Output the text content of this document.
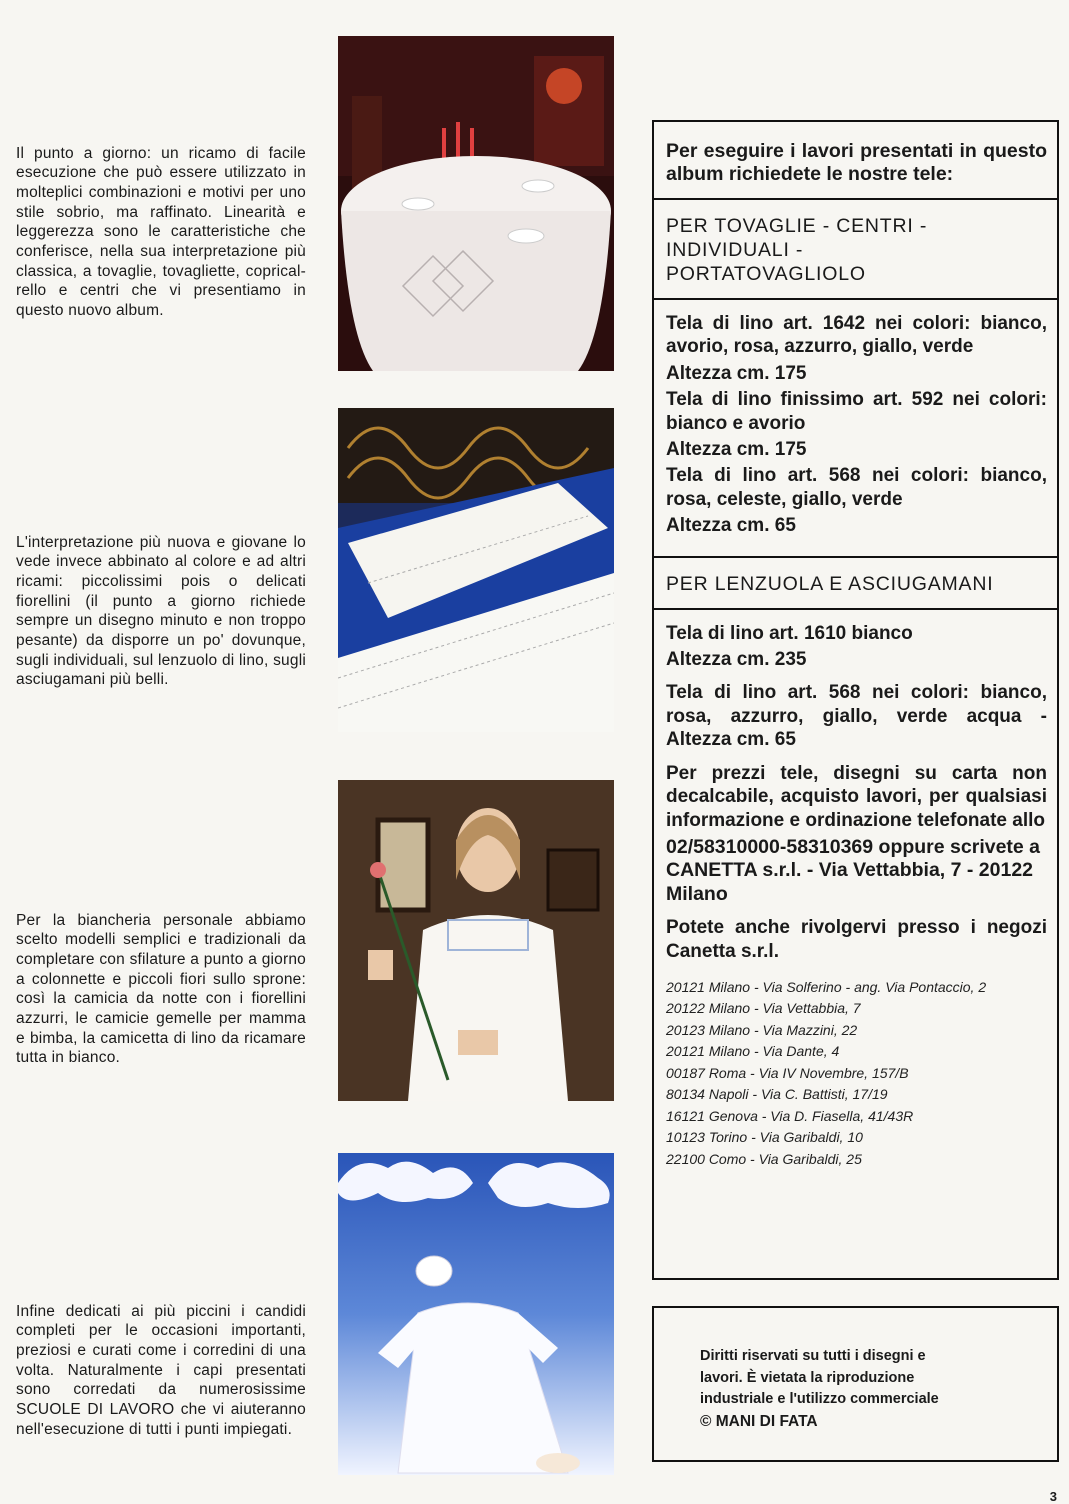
Il punto a giorno: un ricamo di facile esecuzione che può essere utilizzato in molteplici combinazioni e motivi per uno stile sobrio, ma raffinato. Linearità e leggerezza sono le caratteristiche che conferisce, nella sua interpretazione più classica, a tovaglie, tovagliette, coprical-rello e centri che vi presentiamo in questo nuovo album.

L'interpretazione più nuova e giovane lo vede invece abbinato al colore e ad altri ricami: piccolissimi pois o delicati fiorellini (il punto a giorno richiede sempre un disegno minuto e non troppo pesante) da disporre un po' dovunque, sugli individuali, sul lenzuolo di lino, sugli asciugamani più belli.

Per la biancheria personale abbiamo scelto modelli semplici e tradizionali da completare con sfilature a punto a giorno a colonnette e piccoli fiori sullo sprone: così la camicia da notte con i fiorellini azzurri, le camicie gemelle per mamma e bimba, la camicetta di lino da ricamare tutta in bianco.

Infine dedicati ai più piccini i candidi completi per le occasioni importanti, preziosi e curati come i corredini di una volta. Naturalmente i capi presentati sono corredati da numerosissime SCUOLE DI LAVORO che vi aiuteranno nell'esecuzione di tutti i punti impiegati.

Per eseguire i lavori presentati in questo album richiedete le nostre tele:

PER TOVAGLIE - CENTRI - INDIVIDUALI - PORTATOVAGLIOLO

Tela di lino art. 1642 nei colori: bianco, avorio, rosa, azzurro, giallo, verde

Altezza cm. 175

Tela di lino finissimo art. 592 nei colori: bianco e avorio

Altezza cm. 175

Tela di lino art. 568 nei colori: bianco, rosa, celeste, giallo, verde

Altezza cm. 65

PER LENZUOLA E ASCIUGAMANI

Tela di lino art. 1610 bianco

Altezza cm. 235

Tela di lino art. 568 nei colori: bianco, rosa, azzurro, giallo, verde acqua - Altezza cm. 65

Per prezzi tele, disegni su carta non decalcabile, acquisto lavori, per qualsiasi informazione e ordinazione telefonate allo

02/58310000-58310369 oppure scrivete a CANETTA s.r.l. - Via Vettabbia, 7 - 20122 Milano

Potete anche rivolgervi presso i negozi Canetta s.r.l.

20121 Milano - Via Solferino - ang. Via Pontaccio, 2
20122 Milano - Via Vettabbia, 7
20123 Milano - Via Mazzini, 22
20121 Milano - Via Dante, 4
00187 Roma - Via IV Novembre, 157/B
80134 Napoli - Via C. Battisti, 17/19
16121 Genova - Via D. Fiasella, 41/43R
10123 Torino - Via Garibaldi, 10
22100 Como - Via Garibaldi, 25
Diritti riservati su tutti i disegni e
lavori. È vietata la riproduzione
industriale e l'utilizzo commerciale
© MANI DI FATA
3
